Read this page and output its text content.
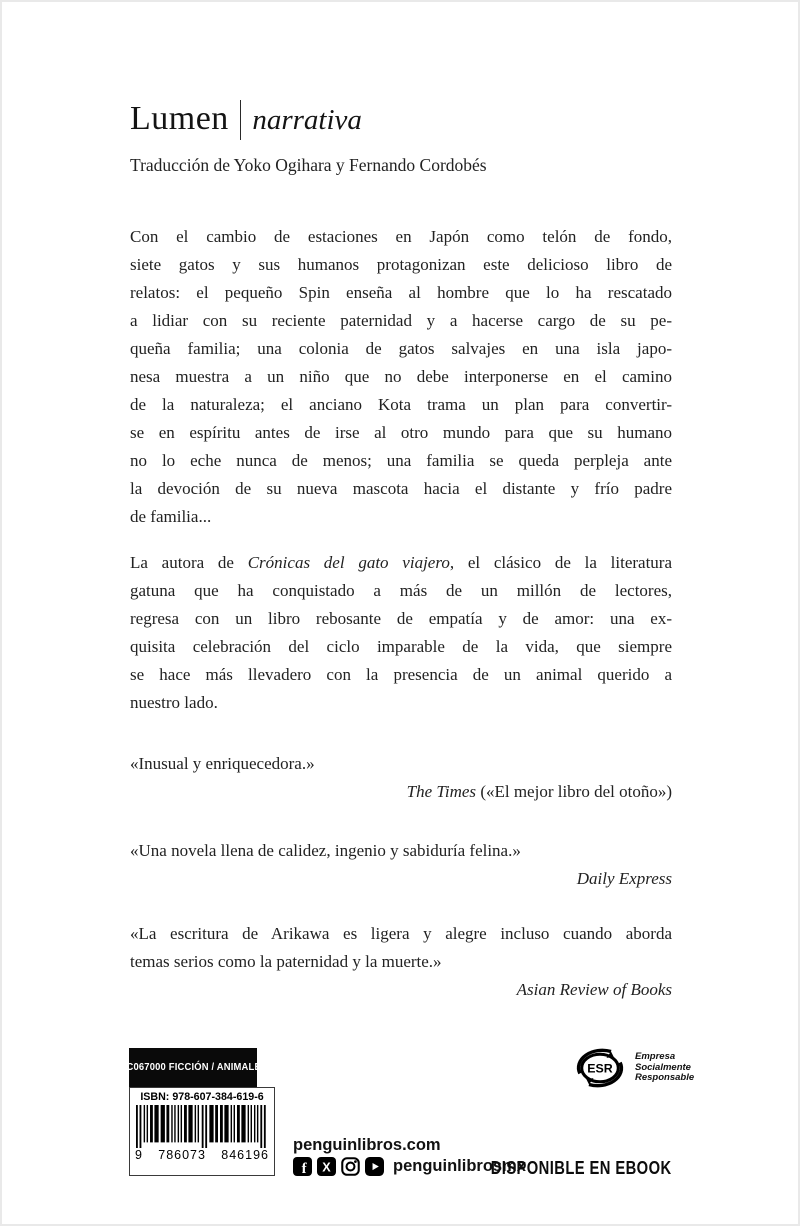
Lumen narrativa
Traducción de Yoko Ogihara y Fernando Cordobés
Con el cambio de estaciones en Japón como telón de fondo,
siete gatos y sus humanos protagonizan este delicioso libro de
relatos: el pequeño Spin enseña al hombre que lo ha rescatado
a lidiar con su reciente paternidad y a hacerse cargo de su pe-
queña familia; una colonia de gatos salvajes en una isla japo-
nesa muestra a un niño que no debe interponerse en el camino
de la naturaleza; el anciano Kota trama un plan para convertir-
se en espíritu antes de irse al otro mundo para que su humano
no lo eche nunca de menos; una familia se queda perpleja ante
la devoción de su nueva mascota hacia el distante y frío padre
de familia...
La autora de Crónicas del gato viajero, el clásico de la literatura
gatuna que ha conquistado a más de un millón de lectores,
regresa con un libro rebosante de empatía y de amor: una ex-
quisita celebración del ciclo imparable de la vida, que siempre
se hace más llevadero con la presencia de un animal querido a
nuestro lado.
«Inusual y enriquecedora.»
The Times («El mejor libro del otoño»)
«Una novela llena de calidez, ingenio y sabiduría felina.»
Daily Express
«La escritura de Arikawa es ligera y alegre incluso cuando aborda
temas serios como la paternidad y la muerte.»
Asian Review of Books
FIC067000 FICCIÓN / ANIMALES
ISBN: 978-607-384-619-6
9 786073 846196
ESR
Empresa
Socialmente
Responsable
penguinlibros.com
f X	penguinlibrosmx
DISPONIBLE EN EBOOK
